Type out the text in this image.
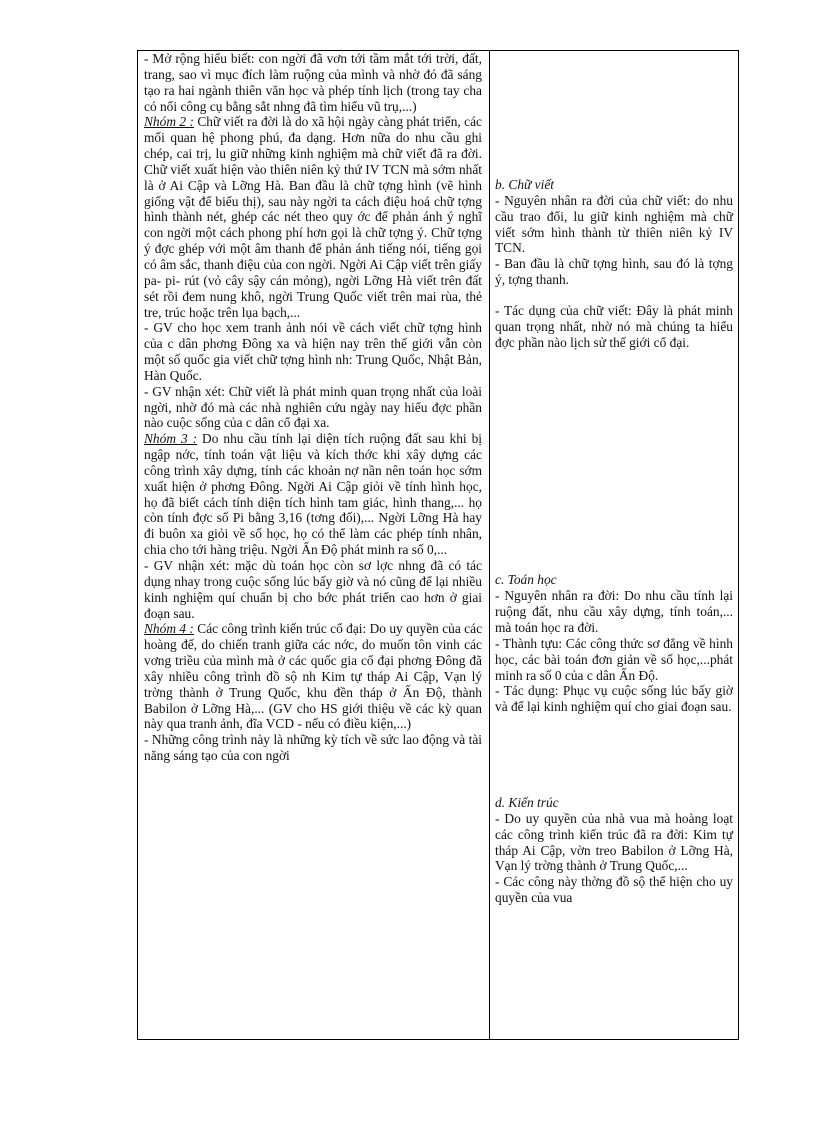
- Mở rộng hiểu biết: con ngời đã vơn tới tầm mắt tới trời, đất, trang, sao vì mục đích làm ruộng của mình và nhờ đó đã sáng tạo ra hai ngành thiên văn học và phép tính lịch (trong tay cha có nổi công cụ bằng sắt nhng đã tìm hiểu vũ trụ,...)

Nhóm 2 : Chữ viết ra đời là do xã hội ngày càng phát triển, các mối quan hệ phong phú, đa dạng. Hơn nữa do nhu cầu ghi chép, cai trị, lu giữ những kinh nghiệm mà chữ viết đã ra đời. Chữ viết xuất hiện vào thiên niên kỷ thứ IV TCN mà sớm nhất là ở Ai Cập và Lỡng Hà. Ban đầu là chữ tợng hình (vẽ hình giống vật để biểu thị), sau này ngời ta cách điệu hoá chữ tợng hình thành nét, ghép các nét theo quy ớc để phản ánh ý nghĩ con ngời một cách phong phí hơn gọi là chữ tợng ý. Chữ tợng ý đợc ghép với một âm thanh để phản ánh tiếng nói, tiếng gọi có âm sắc, thanh điệu của con ngời. Ngời Ai Cập viết trên giấy pa- pi- rút (vỏ cây sậy cán mỏng), ngời Lỡng Hà viết trên đất sét rồi đem nung khô, ngời Trung Quốc viết trên mai rùa, thẻ tre, trúc hoặc trên lụa bạch,...

- GV cho học xem tranh ảnh nói về cách viết chữ tợng hình của c dân phơng Đông xa và hiện nay trên thế giới vẫn còn một số quốc gia viết chữ tợng hình nh: Trung Quốc, Nhật Bản, Hàn Quốc.

- GV nhận xét: Chữ viết là phát minh quan trọng nhất của loài ngời, nhờ đó mà các nhà nghiên cứu ngày nay hiểu đợc phần nào cuộc sống của c dân cổ đại xa.

Nhóm 3 : Do nhu cầu tính lại diện tích ruộng đất sau khi bị ngập nớc, tính toán vật liệu và kích thớc khi xây dựng các công trình xây dựng, tính các khoản nợ nần nên toán học sớm xuất hiện ở phơng Đông. Ngời Ai Cập giỏi về tính hình học, họ đã biết cách tính diện tích hình tam giác, hình thang,... họ còn tính đợc số Pi bằng 3,16 (tơng đối),... Ngời Lỡng Hà hay đi buôn xa giỏi về số học, họ có thể làm các phép tính nhân, chia cho tới hàng triệu. Ngời Ấn Độ phát minh ra số 0,...

- GV nhận xét: mặc dù toán học còn sơ lợc nhng đã có tác dụng nhay trong cuộc sống lúc bấy giờ và nó cũng để lại nhiều kinh nghiệm quí chuẩn bị cho bớc phát triển cao hơn ở giai đoạn sau.

Nhóm 4 : Các công trình kiến trúc cổ đại: Do uy quyền của các hoàng đế, do chiến tranh giữa các nớc, do muốn tôn vinh các vơng triều của mình mà ở các quốc gia cổ đại phơng Đông đã xây nhiều công trình đồ sộ nh Kim tự tháp Ai Cập, Vạn lý trờng thành ở Trung Quốc, khu đền tháp ở Ấn Độ, thành Babilon ở Lỡng Hà,... (GV cho HS giới thiệu về các kỳ quan này qua tranh ảnh, đĩa VCD - nếu có điều kiện,...)

- Những công trình này là những kỳ tích về sức lao động và tài năng sáng tạo của con ngời

b. Chữ viết

- Nguyên nhân ra đời của chữ viết: do nhu cầu trao đổi, lu giữ kinh nghiệm mà chữ viết sớm hình thành từ thiên niên kỷ IV TCN.

- Ban đầu là chữ tợng hình, sau đó là tợng ý, tợng thanh.

- Tác dụng của chữ viết: Đây là phát minh quan trọng nhất, nhờ nó mà chúng ta hiểu đợc phần nào lịch sử thế giới cổ đại.

c. Toán học

- Nguyên nhân ra đời: Do nhu cầu tính lại ruộng đất, nhu cầu xây dựng, tính toán,... mà toán học ra đời.

- Thành tựu: Các công thức sơ đẳng về hình học, các bài toán đơn giản về số học,...phát minh ra số 0 của c dân Ấn Độ.

- Tác dụng: Phục vụ cuộc sống lúc bấy giờ và để lại kinh nghiệm quí cho giai đoạn sau.

d. Kiến trúc

- Do uy quyền của nhà vua mà hoàng loạt các công trình kiến trúc đã ra đời: Kim tự tháp Ai Cập, vờn treo Babilon ở Lỡng Hà, Vạn lý trờng thành ở Trung Quốc,...

- Các công này thờng đồ sộ thể hiện cho uy quyền của vua
